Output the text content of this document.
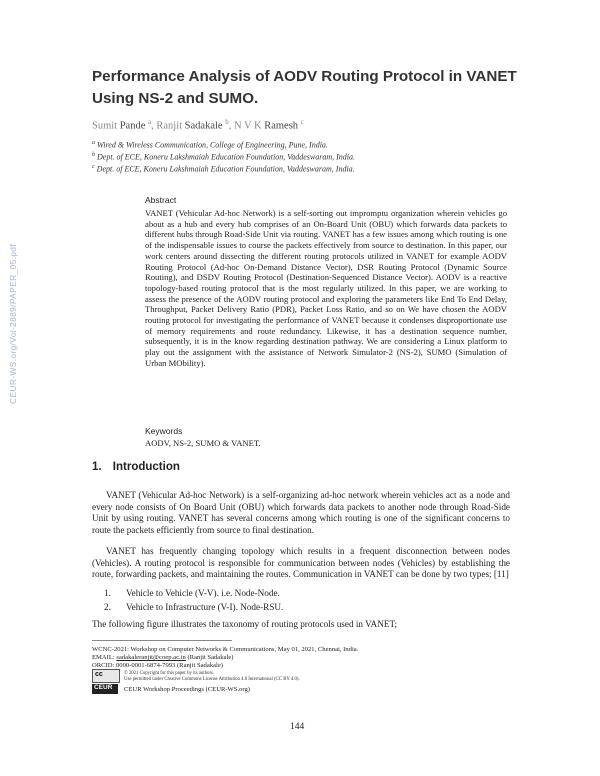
Performance Analysis of AODV Routing Protocol in VANET Using NS-2 and SUMO.
Sumit Pande $^a$, Ranjit Sadakale $^b$, N V K Ramesh $^c$
$^a$ Wired & Wireless Communication, College of Engineering, Pune, India.
$^b$ Dept. of ECE, Koneru Lakshmaiah Education Foundation, Vaddeswaram, India.
$^c$ Dept. of ECE, Koneru Lakshmaiah Education Foundation, Vaddeswaram, India.
Abstract
VANET (Vehicular Ad-hoc Network) is a self-sorting out impromptu organization wherein vehicles go about as a hub and every hub comprises of an On-Board Unit (OBU) which forwards data packets to different hubs through Road-Side Unit via routing. VANET has a few issues among which routing is one of the indispensable issues to course the packets effectively from source to destination. In this paper, our work centers around dissecting the different routing protocols utilized in VANET for example AODV Routing Protocol (Ad-hoc On-Demand Distance Vector), DSR Routing Protocol (Dynamic Source Routing), and DSDV Routing Protocol (Destination-Sequenced Distance Vector). AODV is a reactive topology-based routing protocol that is the most regularly utilized. In this paper, we are working to assess the presence of the AODV routing protocol and exploring the parameters like End To End Delay, Throughput, Packet Delivery Ratio (PDR), Packet Loss Ratio, and so on We have chosen the AODV routing protocol for investigating the performance of VANET because it condenses disproportionate use of memory requirements and route redundancy. Likewise, it has a destination sequence number, subsequently, it is in the know regarding destination pathway. We are considering a Linux platform to play out the assignment with the assistance of Network Simulator-2 (NS-2), SUMO (Simulation of Urban MObility).
Keywords
AODV, NS-2, SUMO & VANET.
1. Introduction
VANET (Vehicular Ad-hoc Network) is a self-organizing ad-hoc network wherein vehicles act as a node and every node consists of On Board Unit (OBU) which forwards data packets to another node through Road-Side Unit by using routing. VANET has several concerns among which routing is one of the significant concerns to route the packets efficiently from source to final destination.
VANET has frequently changing topology which results in a frequent disconnection between nodes (Vehicles). A routing protocol is responsible for communication between nodes (Vehicles) by establishing the route, forwarding packets, and maintaining the routes. Communication in VANET can be done by two types; [11]
1. Vehicle to Vehicle (V-V). i.e. Node-Node.
2. Vehicle to Infrastructure (V-I). Node-RSU.
The following figure illustrates the taxonomy of routing protocols used in VANET;
WCNC-2021: Workshop on Computer Networks & Communications, May 01, 2021, Chennai, India.
EMAIL: sadakaleranjit@coep.ac.in (Ranjit Sadakale)
ORCID: 0000-0001-6874-7993 (Ranjit Sadakale)
cc	© 2021 Copyright for this paper by its authors.
Use permitted under Creative Commons License Attribution 4.0 International (CC BY 4.0).
CEUR CEUR Workshop Proceedings (CEUR-WS.org)
144
CEUR-WS.org/Vol-2889/PAPER_05.pdf
